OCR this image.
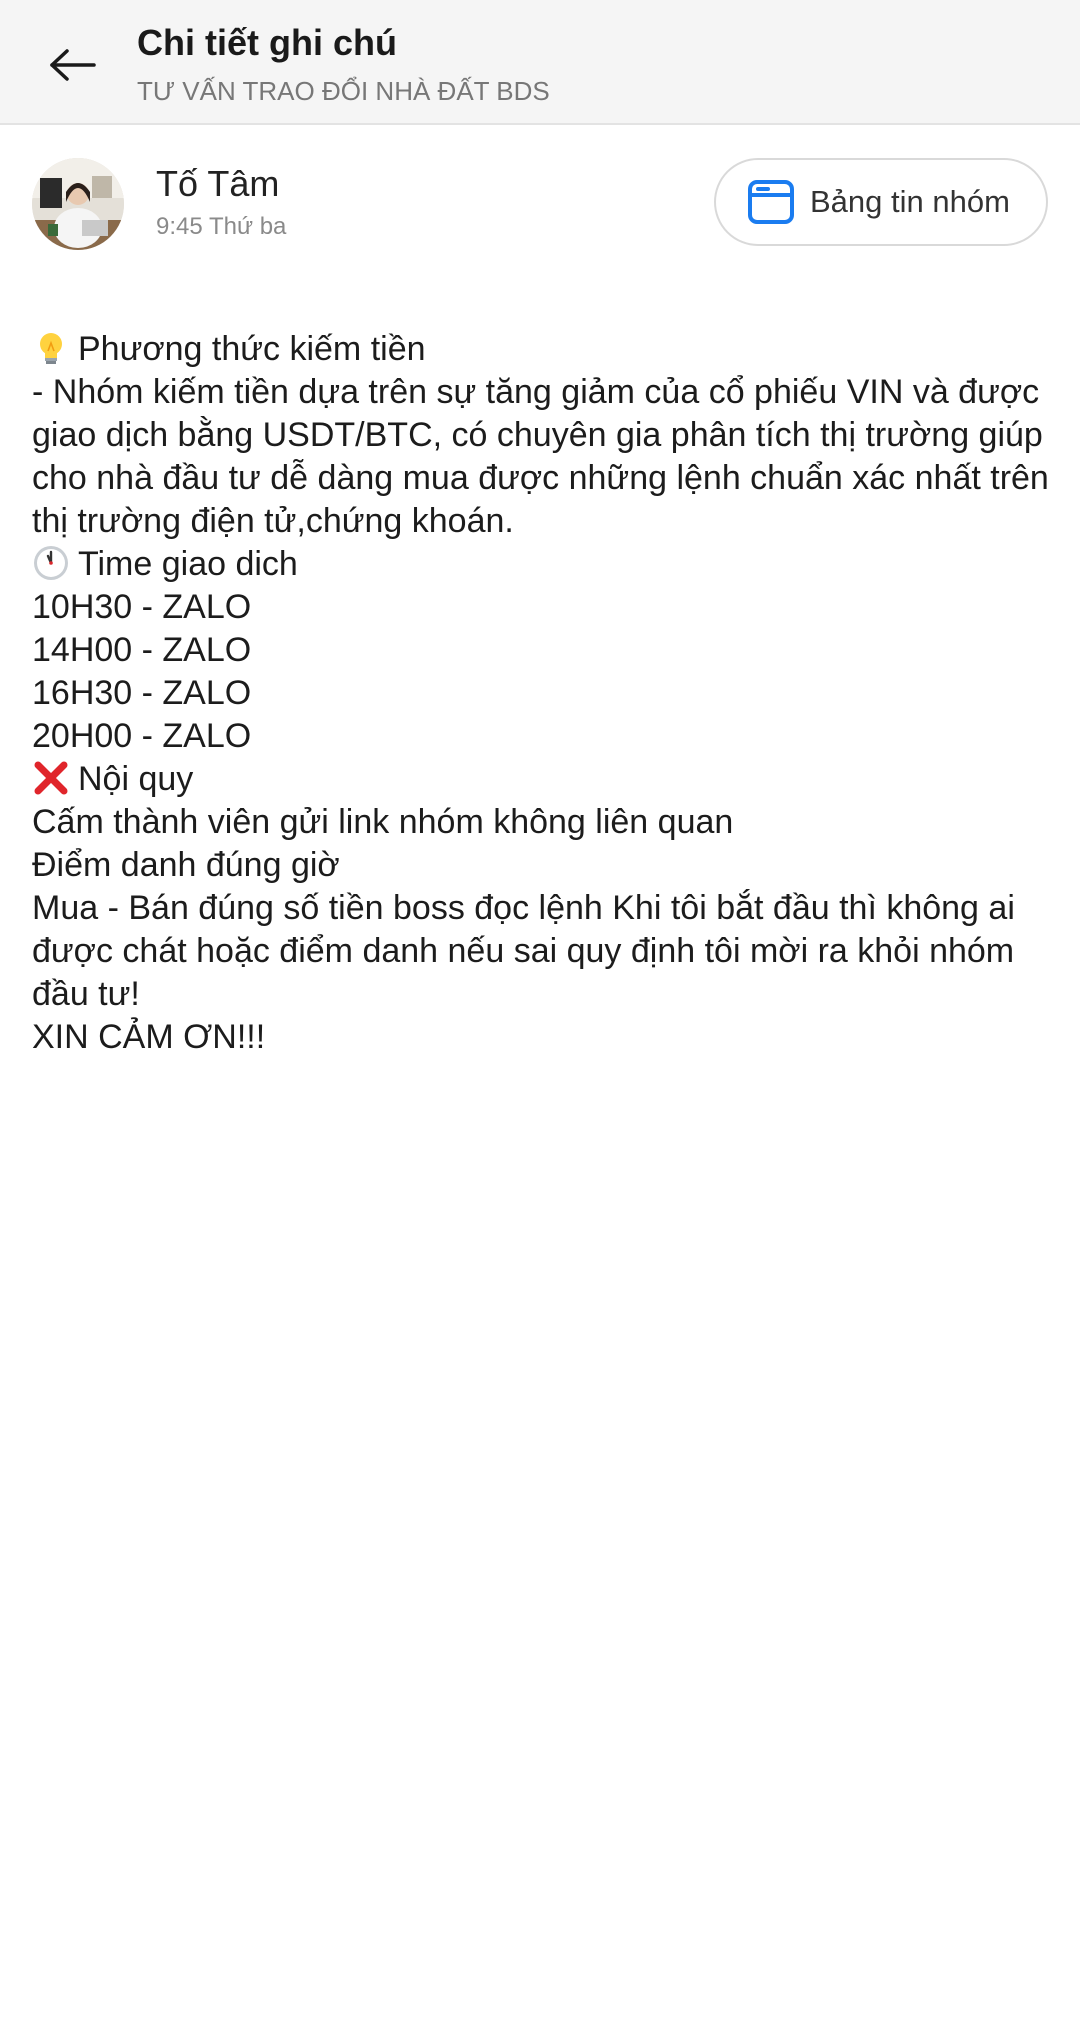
Chi tiết ghi chú
TƯ VẤN TRAO ĐỔI NHÀ ĐẤT BDS
Tố Tâm
9:45 Thứ ba
Bảng tin nhóm
Phương thức kiếm tiền
- Nhóm kiếm tiền dựa trên sự tăng giảm của cổ phiếu VIN và được giao dịch bằng USDT/BTC, có chuyên gia phân tích thị trường giúp cho nhà đầu tư dễ dàng mua được những lệnh chuẩn xác nhất trên thị trường điện tử,chứng khoán.
Time giao dich
10H30 - ZALO
14H00 - ZALO
16H30 - ZALO
20H00 - ZALO
Nội quy
Cấm thành viên gửi link nhóm không liên quan
Điểm danh đúng giờ
Mua - Bán đúng số tiền boss đọc lệnh Khi tôi bắt đầu thì không ai được chát hoặc điểm danh nếu sai quy định tôi mời ra khỏi nhóm đầu tư!
XIN CẢM ƠN!!!
